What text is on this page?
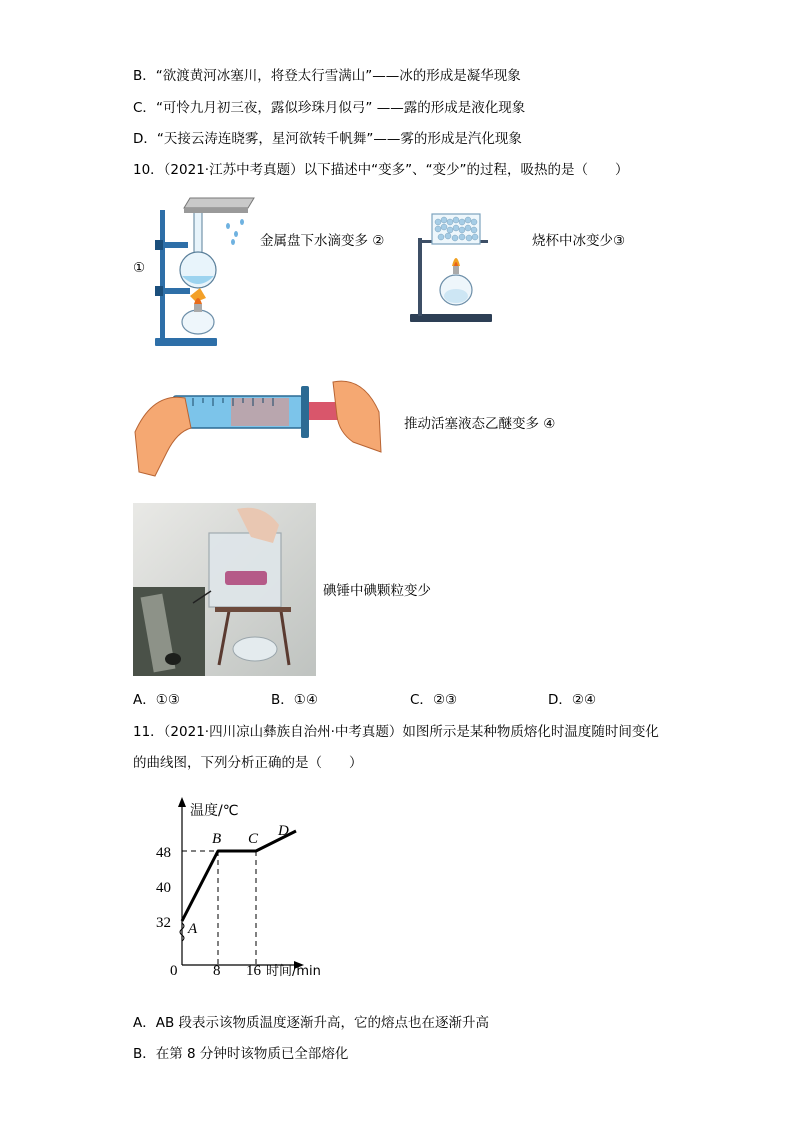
B．“欲渡黄河冰塞川，将登太行雪满山”——冰的形成是凝华现象
C．“可怜九月初三夜，露似珍珠月似弓” ——露的形成是液化现象
D．“天接云涛连晓雾，星河欲转千帆舞”——雾的形成是汽化现象
10．（2021·江苏中考真题）以下描述中“变多”、“变少”的过程，吸热的是（　　）
①
金属盘下水滴变多 ②	烧杯中冰变少③
推动活塞液态乙醚变多 ④
碘锤中碘颗粒变少
A．①③	B．①④	C．②③	D．②④
11．（2021·四川凉山彝族自治州·中考真题）如图所示是某种物质熔化时温度随时间变化
的曲线图，下列分析正确的是（　　）
温度/℃
48
40
32
0 8 16 时间/min
A
B C D
A．AB 段表示该物质温度逐渐升高，它的熔点也在逐渐升高
B．在第 8 分钟时该物质已全部熔化
